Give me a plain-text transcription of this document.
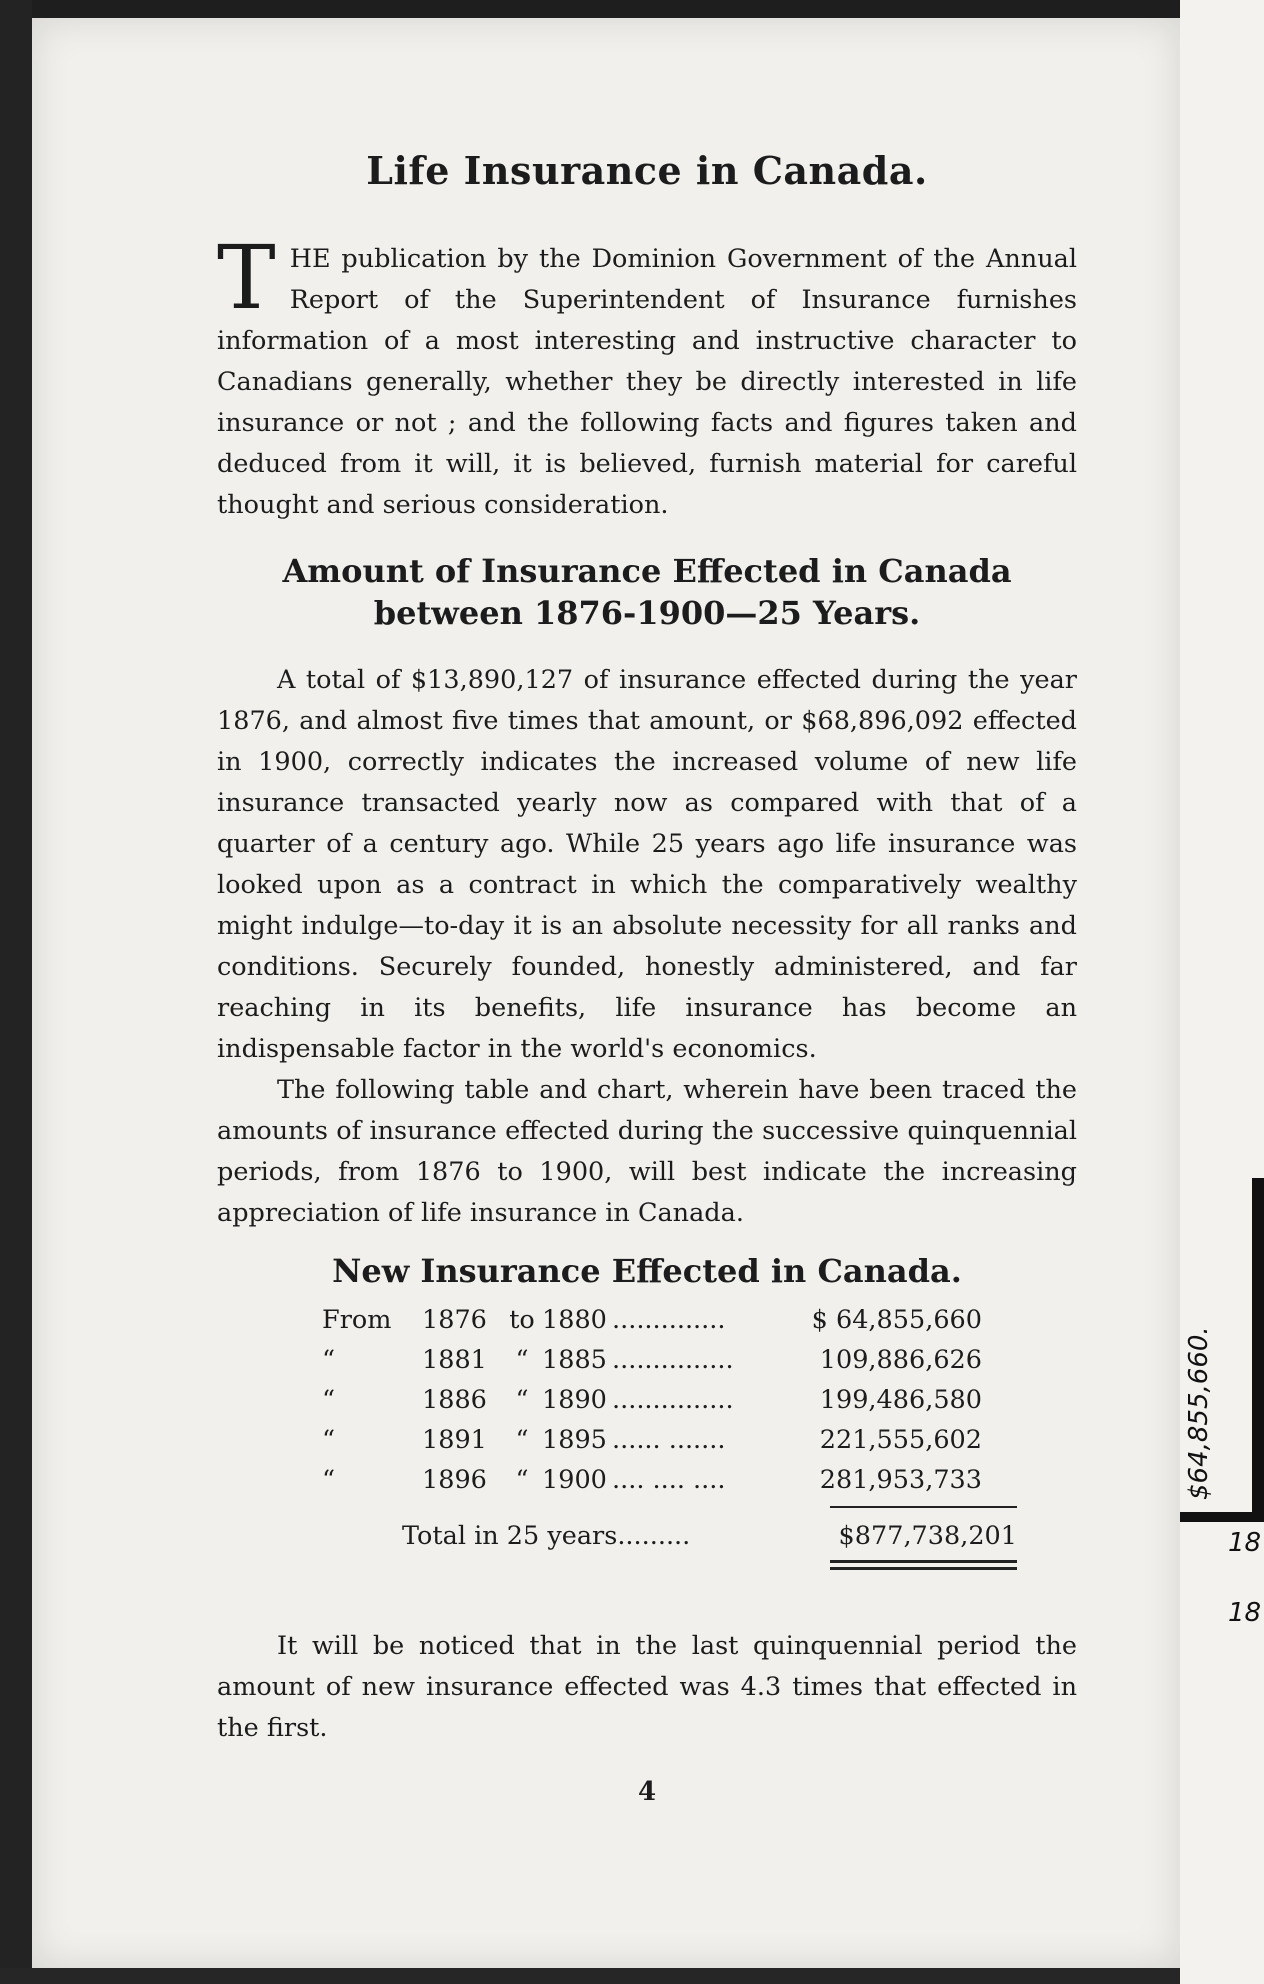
Life Insurance in Canada.

THE publication by the Dominion Government of the Annual Report of the Superintendent of Insurance furnishes information of a most interesting and instructive character to Canadians generally, whether they be directly interested in life insurance or not ; and the following facts and figures taken and deduced from it will, it is believed, furnish material for careful thought and serious consideration.

Amount of Insurance Effected in Canada
between 1876-1900—25 Years.

A total of $13,890,127 of insurance effected during the year 1876, and almost five times that amount, or $68,896,092 effected in 1900, correctly indicates the increased volume of new life insurance transacted yearly now as compared with that of a quarter of a century ago. While 25 years ago life insurance was looked upon as a contract in which the comparatively wealthy might indulge—to-day it is an absolute necessity for all ranks and conditions. Securely founded, honestly administered, and far reaching in its benefits, life insurance has become an indispensable factor in the world's economics.

The following table and chart, wherein have been traced the amounts of insurance effected during the successive quinquennial periods, from 1876 to 1900, will best indicate the increasing appreciation of life insurance in Canada.

New Insurance Effected in Canada.
From	1876 to 1880 ..............	$ 64,855,660
“	1881	“ 1885 ...............	109,886,626
“	1886	“ 1890 ...............	199,486,580
“	1891	“ 1895 ...... .......	221,555,602
“	1896	“ 1900 .... .... ....	281,953,733
Total in 25 years .........	$877,738,201

It will be noticed that in the last quinquennial period the amount of new insurance effected was 4.3 times that effected in the first.

4
$64,855,660.
18
18
